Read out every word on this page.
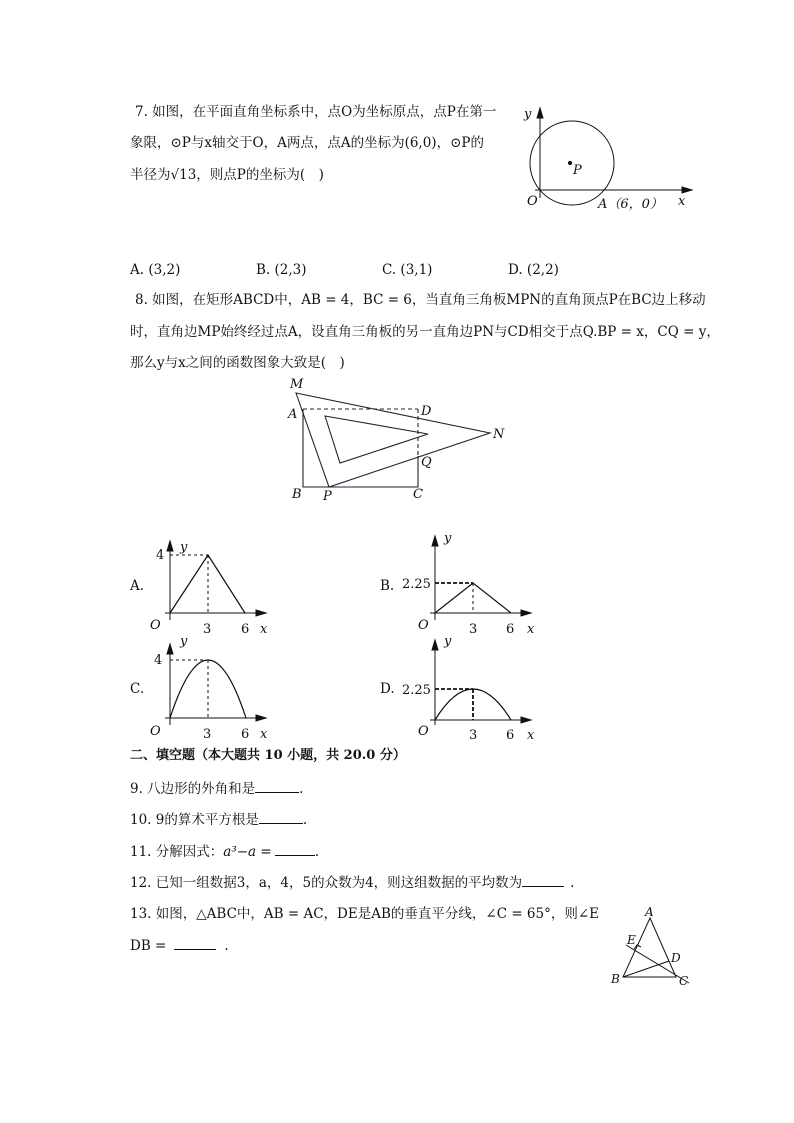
7. 如图，在平面直角坐标系中，点O为坐标原点，点P在第一
象限，⊙P与x轴交于O，A两点，点A的坐标为(6,0)，⊙P的
半径为√13，则点P的坐标为(　)
A. (3,2)	B. (2,3)	C. (3,1)	D. (2,2)
8. 如图，在矩形ABCD中，AB = 4，BC = 6，当直角三角板MPN的直角顶点P在BC边上移动
时，直角边MP始终经过点A，设直角三角板的另一直角边PN与CD相交于点Q.BP = x，CQ = y，
那么y与x之间的函数图象大致是(　)
二、填空题（本大题共 10 小题，共 20.0 分）
9. 八边形的外角和是	.
10. 9的算术平方根是	.
11. 分解因式：a³−a =	.
12. 已知一组数据3，a，4，5的众数为4，则这组数据的平均数为	.
13. 如图，△ABC中，AB = AC，DE是AB的垂直平分线，∠C = 65°，则∠E
DB =	.
y
O
P
A（6，0） x
M
A	D
N
Q
B P	C
A.
y
4
O	3 6 x
B.
y
2.25
O	3 6 x
C.
y
4
O	3 6 x
D.
y
2.25
O	3 6 x
A
E
D
B	C
